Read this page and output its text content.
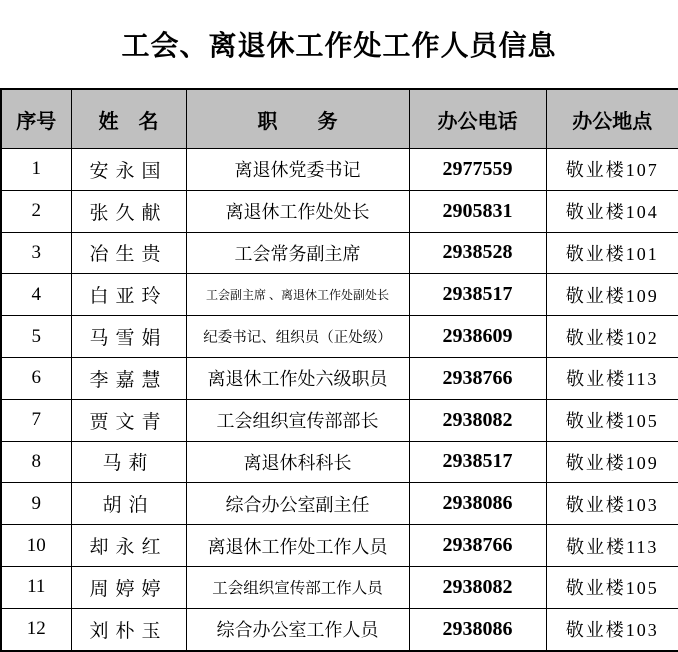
工会、离退休工作处工作人员信息
序号	姓　名	职　　务	办公电话	办公地点
1	安永国	离退休党委书记	2977559	敬业楼107
2	张久献	离退休工作处处长	2905831	敬业楼104
3	冶生贵	工会常务副主席	2938528	敬业楼101
4	白亚玲	工会副主席 、离退休工作处副处长	2938517	敬业楼109
5	马雪娟	纪委书记、组织员（正处级）	2938609	敬业楼102
6	李嘉慧	离退休工作处六级职员	2938766	敬业楼113
7	贾文青	工会组织宣传部部长	2938082	敬业楼105
8	马莉	离退休科科长	2938517	敬业楼109
9	胡泊	综合办公室副主任	2938086	敬业楼103
10	却永红	离退休工作处工作人员	2938766	敬业楼113
11	周婷婷	工会组织宣传部工作人员	2938082	敬业楼105
12	刘朴玉	综合办公室工作人员	2938086	敬业楼103
